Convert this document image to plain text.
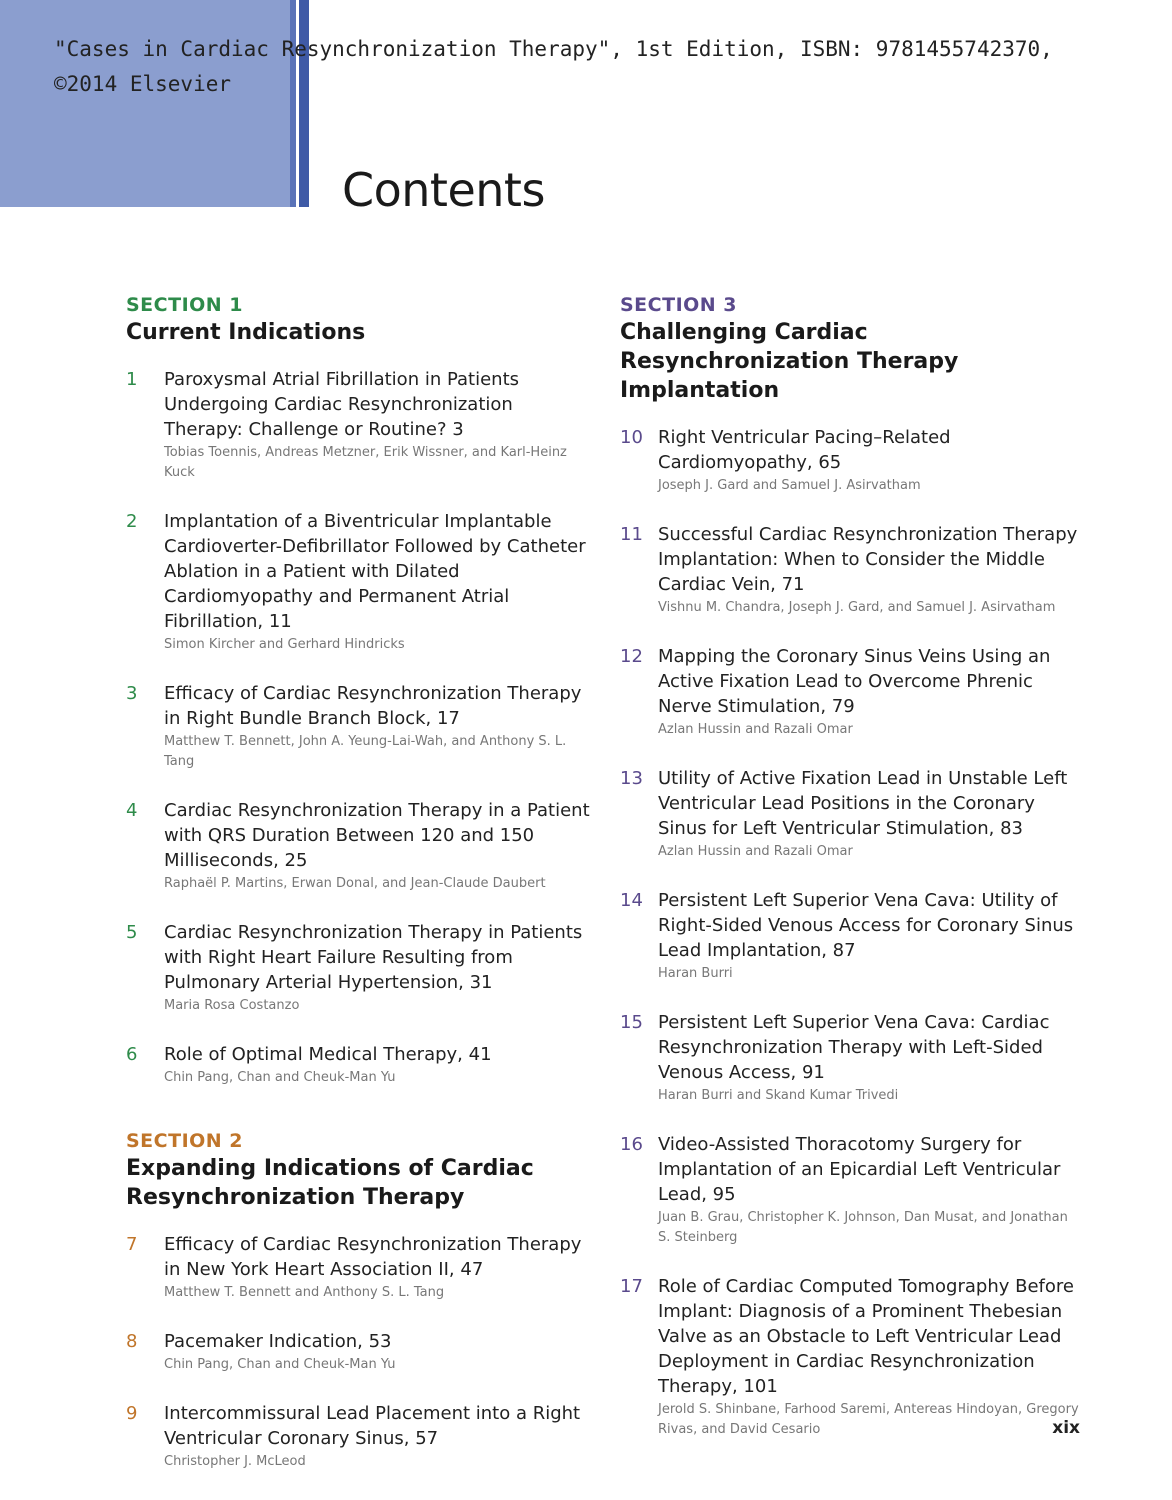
"Cases in Cardiac Resynchronization Therapy", 1st Edition, ISBN: 9781455742370,
©2014 Elsevier
Contents

SECTION 1

Current Indications

1 Paroxysmal Atrial Fibrillation in Patients Undergoing Cardiac Resynchronization Therapy: Challenge or Routine? 3
Tobias Toennis, Andreas Metzner, Erik Wissner, and Karl-Heinz Kuck
2 Implantation of a Biventricular Implantable Cardioverter-Defibrillator Followed by Catheter Ablation in a Patient with Dilated Cardiomyopathy and Permanent Atrial Fibrillation, 11
Simon Kircher and Gerhard Hindricks
3 Efficacy of Cardiac Resynchronization Therapy in Right Bundle Branch Block, 17
Matthew T. Bennett, John A. Yeung-Lai-Wah, and Anthony S. L. Tang
4 Cardiac Resynchronization Therapy in a Patient with QRS Duration Between 120 and 150 Milliseconds, 25
Raphaël P. Martins, Erwan Donal, and Jean-Claude Daubert
5 Cardiac Resynchronization Therapy in Patients with Right Heart Failure Resulting from Pulmonary Arterial Hypertension, 31
Maria Rosa Costanzo
6 Role of Optimal Medical Therapy, 41
Chin Pang, Chan and Cheuk-Man Yu

SECTION 2

Expanding Indications of Cardiac Resynchronization Therapy

7 Efficacy of Cardiac Resynchronization Therapy in New York Heart Association II, 47
Matthew T. Bennett and Anthony S. L. Tang
8 Pacemaker Indication, 53
Chin Pang, Chan and Cheuk-Man Yu
9 Intercommissural Lead Placement into a Right Ventricular Coronary Sinus, 57
Christopher J. McLeod

SECTION 3

Challenging Cardiac Resynchronization Therapy Implantation

10 Right Ventricular Pacing–Related Cardiomyopathy, 65
Joseph J. Gard and Samuel J. Asirvatham
11 Successful Cardiac Resynchronization Therapy Implantation: When to Consider the Middle Cardiac Vein, 71
Vishnu M. Chandra, Joseph J. Gard, and Samuel J. Asirvatham
12 Mapping the Coronary Sinus Veins Using an Active Fixation Lead to Overcome Phrenic Nerve Stimulation, 79
Azlan Hussin and Razali Omar
13 Utility of Active Fixation Lead in Unstable Left Ventricular Lead Positions in the Coronary Sinus for Left Ventricular Stimulation, 83
Azlan Hussin and Razali Omar
14 Persistent Left Superior Vena Cava: Utility of Right-Sided Venous Access for Coronary Sinus Lead Implantation, 87
Haran Burri
15 Persistent Left Superior Vena Cava: Cardiac Resynchronization Therapy with Left-Sided Venous Access, 91
Haran Burri and Skand Kumar Trivedi
16 Video-Assisted Thoracotomy Surgery for Implantation of an Epicardial Left Ventricular Lead, 95
Juan B. Grau, Christopher K. Johnson, Dan Musat, and Jonathan S. Steinberg
17 Role of Cardiac Computed Tomography Before Implant: Diagnosis of a Prominent Thebesian Valve as an Obstacle to Left Ventricular Lead Deployment in Cardiac Resynchronization Therapy, 101
Jerold S. Shinbane, Farhood Saremi, Antereas Hindoyan, Gregory Rivas, and David Cesario	xix
